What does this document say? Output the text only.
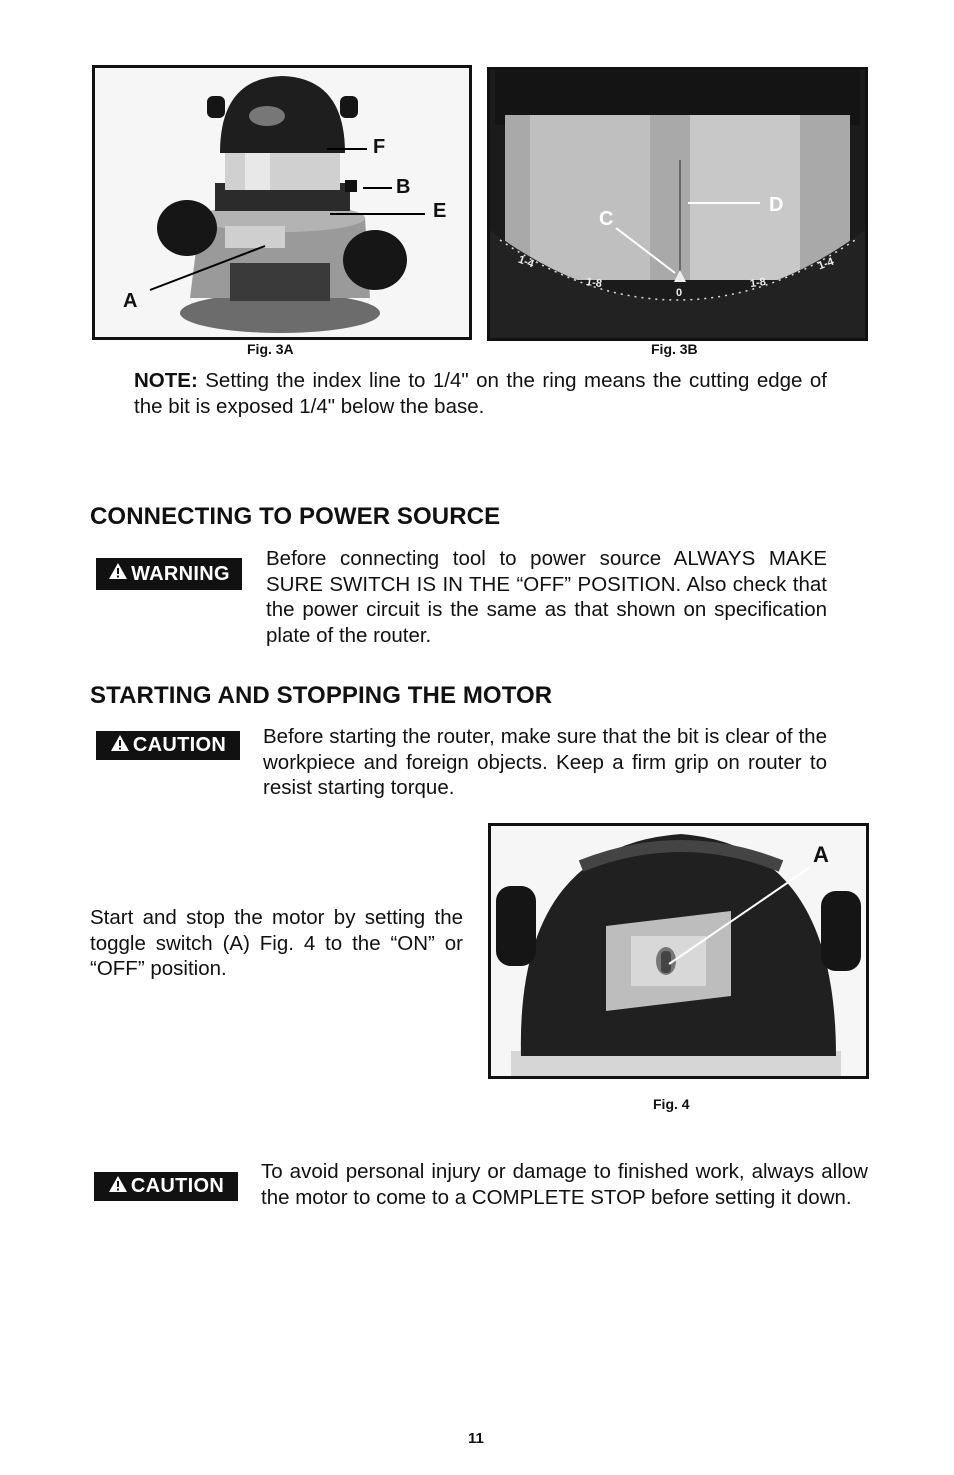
F
B
E
A
Fig. 3A
D
C
1-4
1-8
0
1-8
1-4
Fig. 3B

NOTE: Setting the index line to 1/4" on the ring means the cutting edge of the bit is exposed 1/4" below the base.

CONNECTING TO POWER SOURCE
WARNING

Before connecting tool to power source ALWAYS MAKE SURE SWITCH IS IN THE “OFF” POSITION. Also check that the power circuit is the same as that shown on specification plate of the router.

STARTING AND STOPPING THE MOTOR
CAUTION Before starting the router, make sure that the bit is clear of the workpiece and foreign objects. Keep a firm grip on router to resist starting torque.

Start and stop the motor by setting the toggle switch (A) Fig. 4 to the “ON” or “OFF” position.

A
Fig. 4
CAUTION

To avoid personal injury or damage to finished work, always allow the motor to come to a COMPLETE STOP before setting it down.

11
